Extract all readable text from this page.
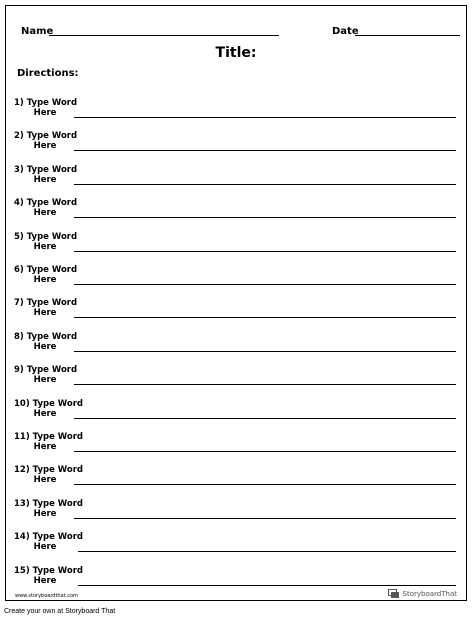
Name	Date
Title:
Directions:
1) Type Word
Here
2) Type Word
Here
3) Type Word
Here
4) Type Word
Here
5) Type Word
Here
6) Type Word
Here
7) Type Word
Here
8) Type Word
Here
9) Type Word
Here
10) Type Word
Here
11) Type Word
Here
12) Type Word
Here
13) Type Word
Here
14) Type Word
Here
15) Type Word
Here
www.storyboardthat.com	StoryboardThat
Create your own at Storyboard That
